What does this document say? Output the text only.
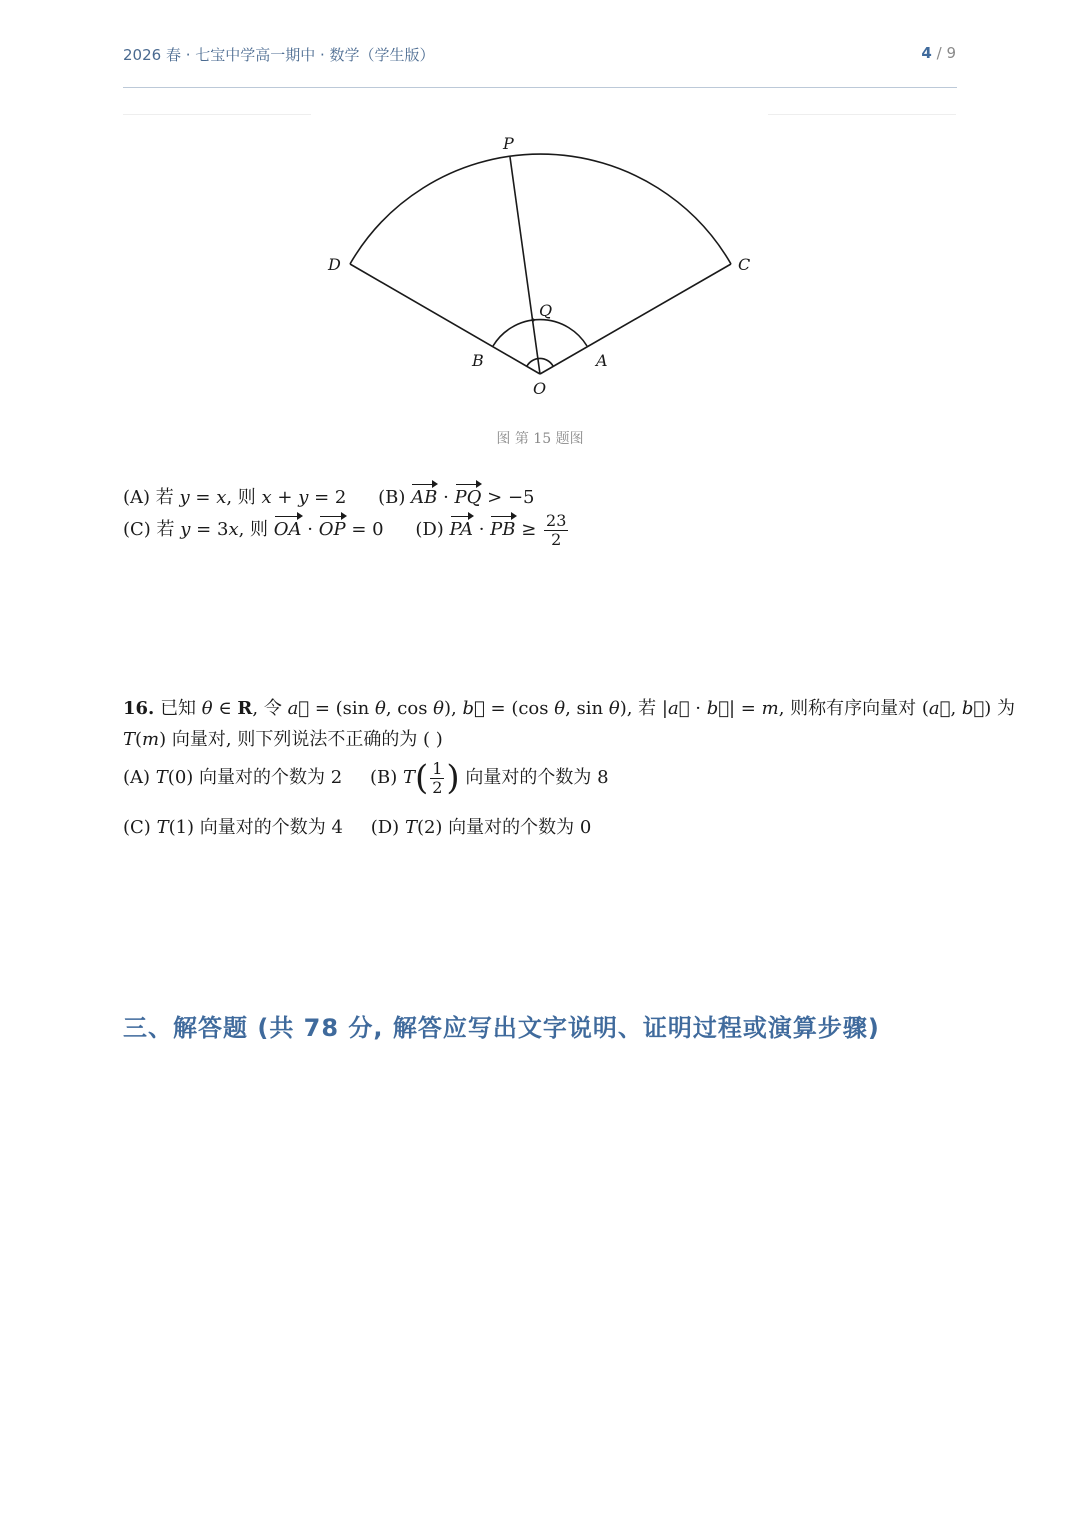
2026 春 · 七宝中学高一期中 · 数学（学生版）	4 / 9
P
D	C
Q
B	A
O
图 第 15 题图
(A) 若 y = x, 则 x + y = 2 (B) AB · PQ > −5
(C) 若 y = 3x, 则 OA · OP = 0 (D) PA · PB ≥ $\frac{23}{2}$
16. 已知 θ ∈ R, 令 a⃗ = (sin θ, cos θ), b⃗ = (cos θ, sin θ), 若 |a⃗ · b⃗| = m, 则称有序向量对 (a⃗, b⃗) 为
T(m) 向量对, 则下列说法不正确的为 ( )
(A) T(0) 向量对的个数为 2 (B) $T( \frac{1}{2}$ ) 向量对的个数为 8
(C) T(1) 向量对的个数为 4 (D) T(2) 向量对的个数为 0
三、解答题 (共 78 分, 解答应写出文字说明、证明过程或演算步骤)
